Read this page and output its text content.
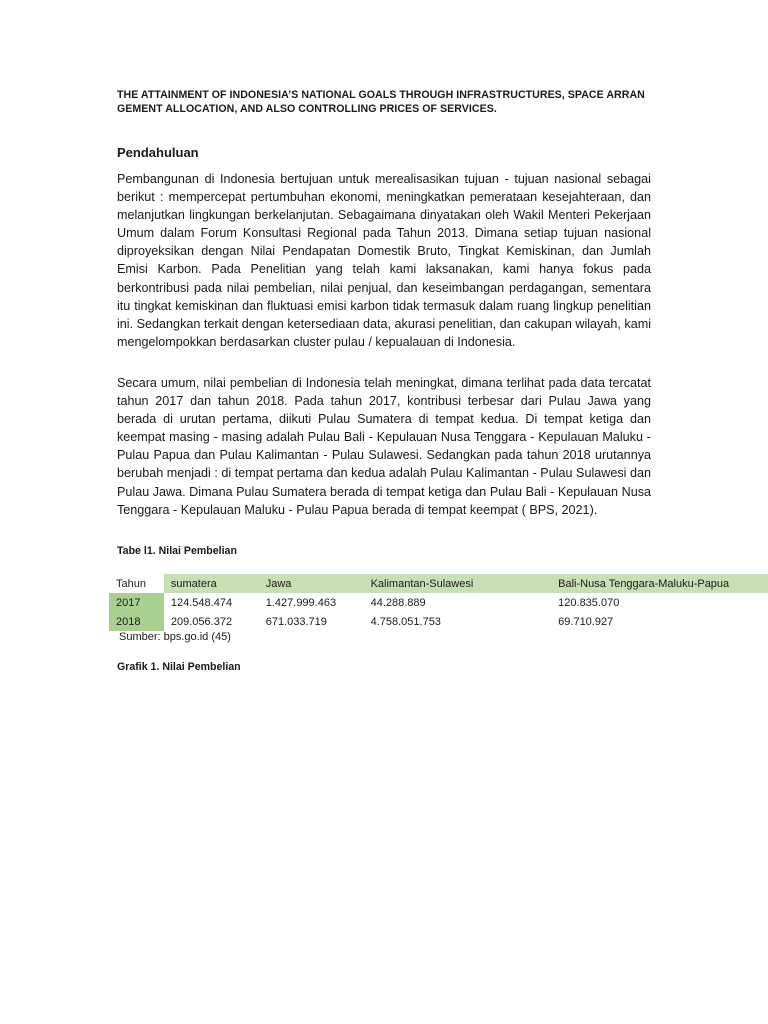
THE ATTAINMENT OF INDONESIA’S NATIONAL GOALS THROUGH INFRASTRUCTURES, SPACE ARRAN GEMENT ALLOCATION, AND ALSO CONTROLLING PRICES OF SERVICES.
Pendahuluan
Pembangunan di Indonesia bertujuan untuk merealisasikan tujuan - tujuan nasional sebagai berikut : mempercepat pertumbuhan ekonomi, meningkatkan pemerataan kesejahteraan, dan melanjutkan lingkungan berkelanjutan. Sebagaimana dinyatakan oleh Wakil Menteri Pekerjaan Umum dalam Forum Konsultasi Regional pada Tahun 2013. Dimana setiap tujuan nasional diproyeksikan dengan Nilai Pendapatan Domestik Bruto, Tingkat Kemiskinan, dan Jumlah Emisi Karbon. Pada Penelitian yang telah kami laksanakan, kami hanya fokus pada berkontribusi pada nilai pembelian, nilai penjual, dan keseimbangan perdagangan, sementara itu tingkat kemiskinan dan fluktuasi emisi karbon tidak termasuk dalam ruang lingkup penelitian ini. Sedangkan terkait dengan ketersediaan data, akurasi penelitian, dan cakupan wilayah, kami mengelompokkan berdasarkan cluster pulau / kepualauan di Indonesia.
Secara umum, nilai pembelian di Indonesia telah meningkat, dimana terlihat pada data tercatat tahun 2017 dan tahun 2018. Pada tahun 2017, kontribusi terbesar dari Pulau Jawa yang berada di urutan pertama, diikuti Pulau Sumatera di tempat kedua. Di tempat ketiga dan keempat masing - masing adalah Pulau Bali - Kepulauan Nusa Tenggara - Kepulauan Maluku - Pulau Papua dan Pulau Kalimantan - Pulau Sulawesi. Sedangkan pada tahun 2018 urutannya berubah menjadi : di tempat pertama dan kedua adalah Pulau Kalimantan - Pulau Sulawesi dan Pulau Jawa. Dimana Pulau Sumatera berada di tempat ketiga dan Pulau Bali - Kepulauan Nusa Tenggara - Kepulauan Maluku - Pulau Papua berada di tempat keempat ( BPS, 2021).
Tabe l1. Nilai Pembelian
Tahun	sumatera	Jawa	Kalimantan-Sulawesi	Bali-Nusa Tenggara-Maluku-Papua
2017	124.548.474	1.427.999.463	44.288.889	120.835.070
2018	209.056.372	671.033.719	4.758.051.753	69.710.927
Sumber: bps.go.id (45)
Grafik 1. Nilai Pembelian
